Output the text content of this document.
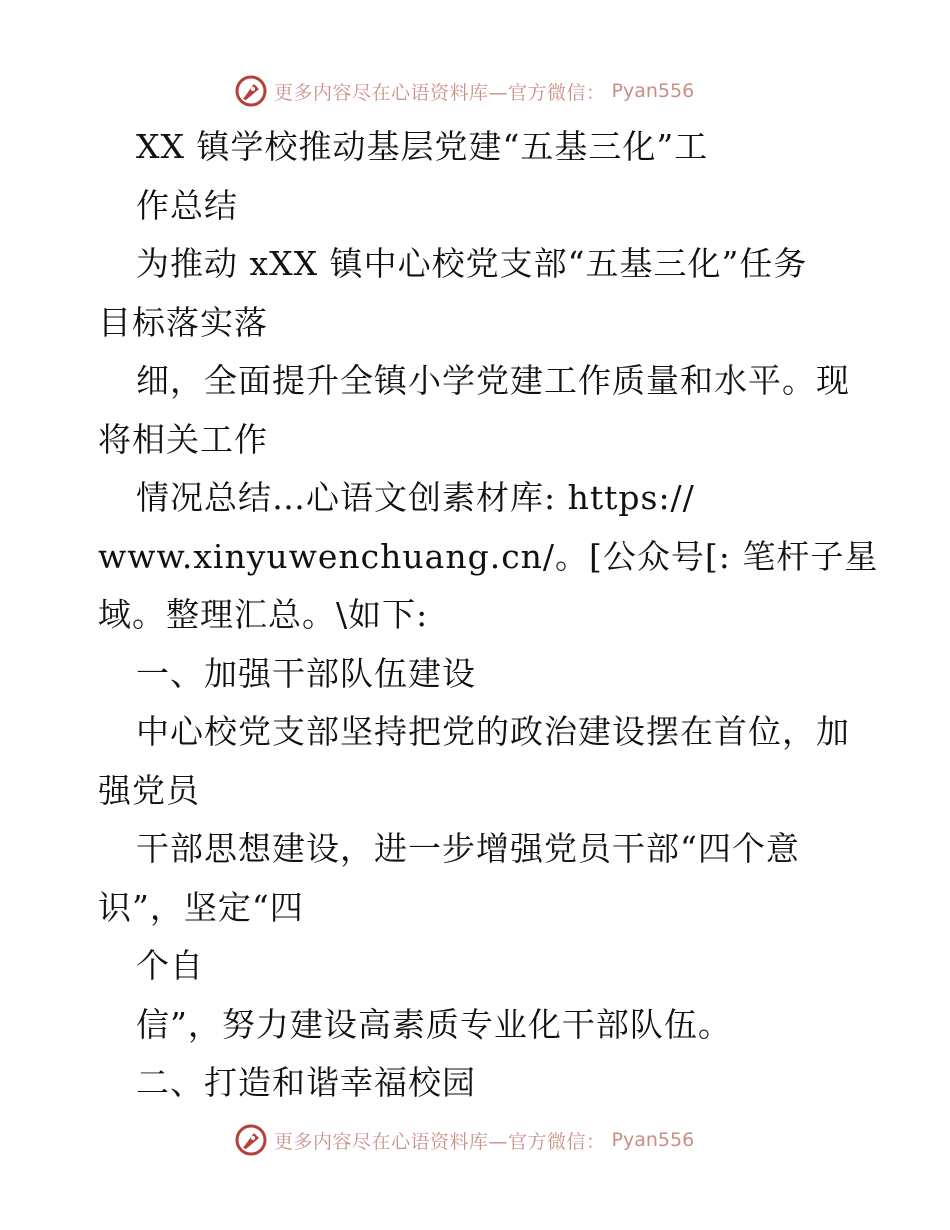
更多内容尽在心语资料库—官方微信： Pyan556
XX 镇学校推动基层党建“五基三化”工
作总结
为推动 xXX 镇中心校党支部“五基三化”任务
目标落实落
细，全面提升全镇小学党建工作质量和水平。现
将相关工作
情况总结…心语文创素材库: https://
www.xinyuwenchuang.cn/。[公众号[: 笔杆子星
域。整理汇总。\如下:
一、加强干部队伍建设
中心校党支部坚持把党的政治建设摆在首位，加
强党员
干部思想建设，进一步增强党员干部“四个意
识”，坚定“四
个自
信”，努力建设高素质专业化干部队伍。
二、打造和谐幸福校园
更多内容尽在心语资料库—官方微信： Pyan556
